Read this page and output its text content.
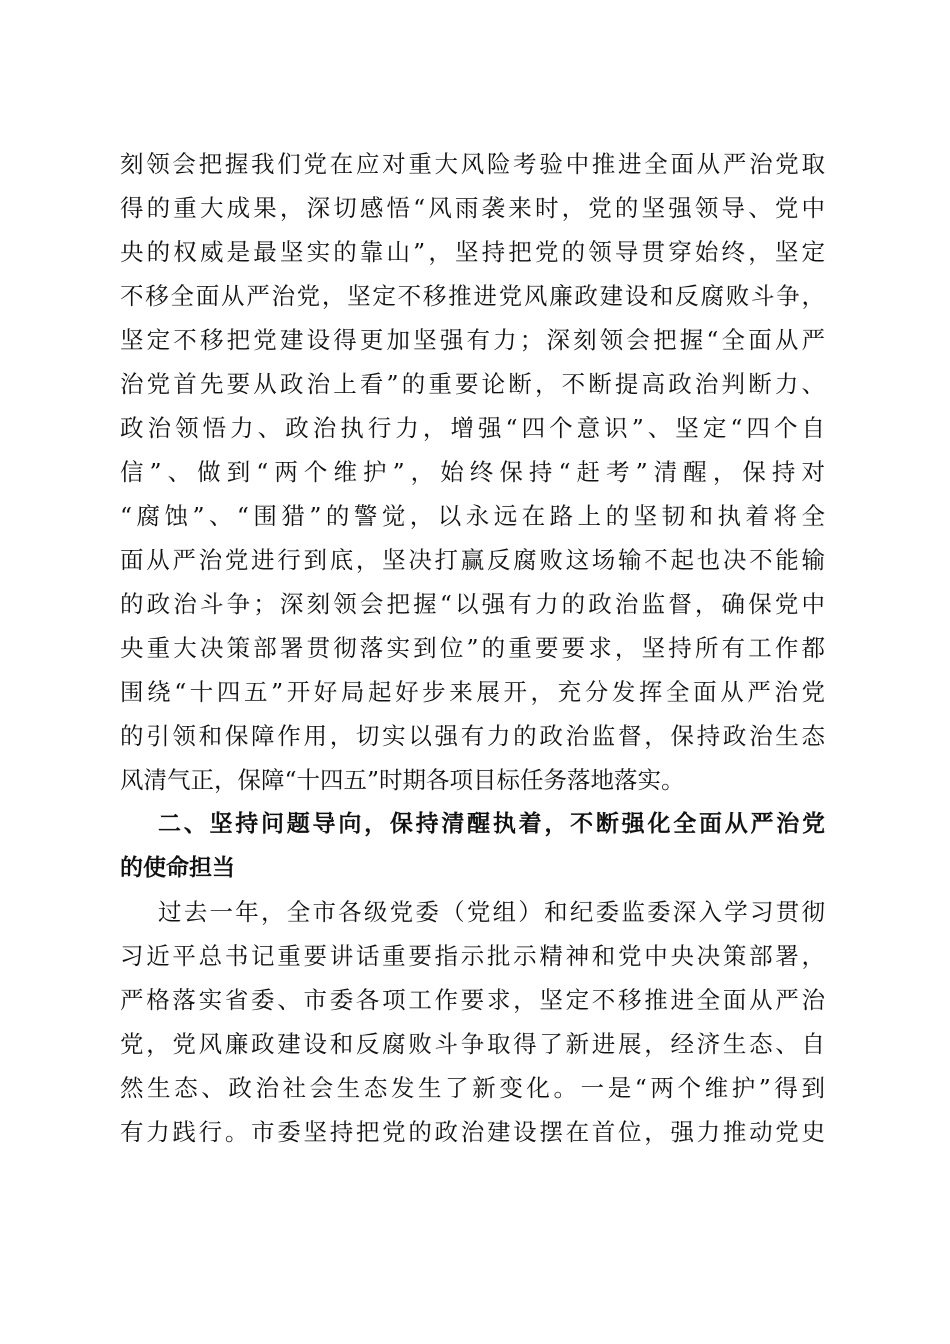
刻领会把握我们党在应对重大风险考验中推进全面从严治党取
得的重大成果，深切感悟“风雨袭来时，党的坚强领导、党中
央的权威是最坚实的靠山”，坚持把党的领导贯穿始终，坚定
不移全面从严治党，坚定不移推进党风廉政建设和反腐败斗争，
坚定不移把党建设得更加坚强有力；深刻领会把握“全面从严
治党首先要从政治上看”的重要论断，不断提高政治判断力、
政治领悟力、政治执行力，增强“四个意识”、坚定“四个自
信”、做到“两个维护”，始终保持“赶考”清醒，保持对
“腐蚀”、“围猎”的警觉，以永远在路上的坚韧和执着将全
面从严治党进行到底，坚决打赢反腐败这场输不起也决不能输
的政治斗争；深刻领会把握“以强有力的政治监督，确保党中
央重大决策部署贯彻落实到位”的重要要求，坚持所有工作都
围绕“十四五”开好局起好步来展开，充分发挥全面从严治党
的引领和保障作用，切实以强有力的政治监督，保持政治生态
风清气正，保障“十四五”时期各项目标任务落地落实。
二、坚持问题导向，保持清醒执着，不断强化全面从严治党
的使命担当
过去一年，全市各级党委（党组）和纪委监委深入学习贯彻
习近平总书记重要讲话重要指示批示精神和党中央决策部署，
严格落实省委、市委各项工作要求，坚定不移推进全面从严治
党，党风廉政建设和反腐败斗争取得了新进展，经济生态、自
然生态、政治社会生态发生了新变化。一是“两个维护”得到
有力践行。市委坚持把党的政治建设摆在首位，强力推动党史
